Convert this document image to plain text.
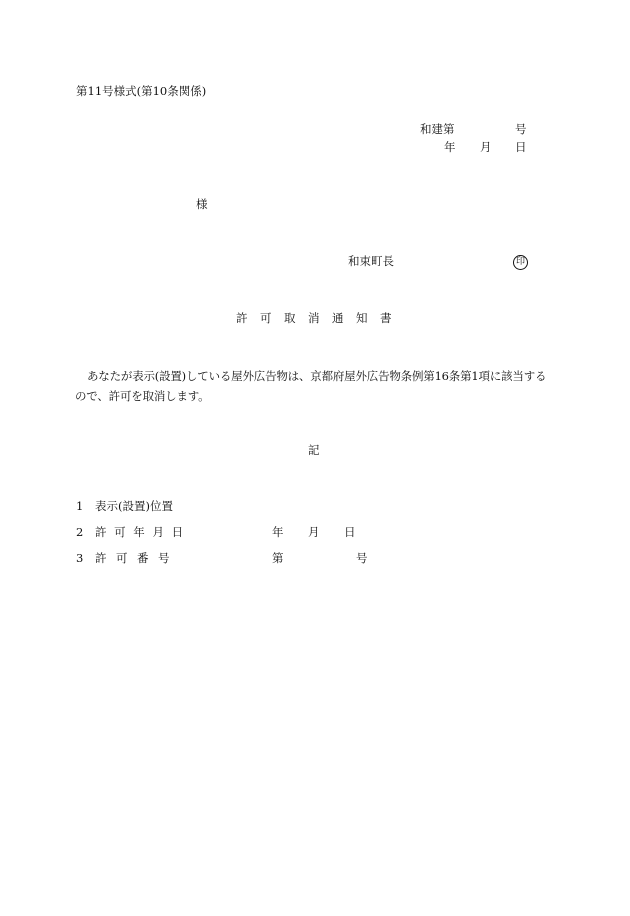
第11号様式(第10条関係)
和建第	号
年 月 日
様
和束町長	印
許 可 取 消 通 知 書
あなたが表示(設置)している屋外広告物は、京都府屋外広告物条例第16条第1項に該当するので、許可を取消します。
記
1 表示(設置)位置
2 許 可 年 月 日	年 月 日
3 許　可　番　号	第	号
